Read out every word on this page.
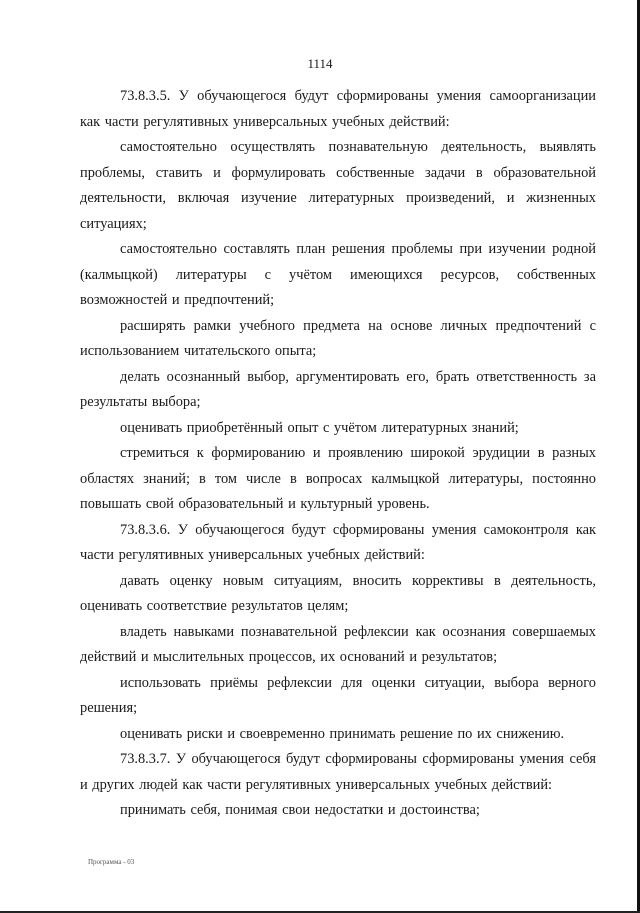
1114

73.8.3.5. У обучающегося будут сформированы умения самоорганизации как части регулятивных универсальных учебных действий:

самостоятельно осуществлять познавательную деятельность, выявлять проблемы, ставить и формулировать собственные задачи в образовательной деятельности, включая изучение литературных произведений, и жизненных ситуациях;

самостоятельно составлять план решения проблемы при изучении родной (калмыцкой) литературы с учётом имеющихся ресурсов, собственных возможностей и предпочтений;

расширять рамки учебного предмета на основе личных предпочтений с использованием читательского опыта;

делать осознанный выбор, аргументировать его, брать ответственность за результаты выбора;

оценивать приобретённый опыт с учётом литературных знаний;

стремиться к формированию и проявлению широкой эрудиции в разных областях знаний; в том числе в вопросах калмыцкой литературы, постоянно повышать свой образовательный и культурный уровень.

73.8.3.6. У обучающегося будут сформированы умения самоконтроля как части регулятивных универсальных учебных действий:

давать оценку новым ситуациям, вносить коррективы в деятельность, оценивать соответствие результатов целям;

владеть навыками познавательной рефлексии как осознания совершаемых действий и мыслительных процессов, их оснований и результатов;

использовать приёмы рефлексии для оценки ситуации, выбора верного решения;

оценивать риски и своевременно принимать решение по их снижению.

73.8.3.7. У обучающегося будут сформированы сформированы умения себя и других людей как части регулятивных универсальных учебных действий:

принимать себя, понимая свои недостатки и достоинства;

Программа - 03
